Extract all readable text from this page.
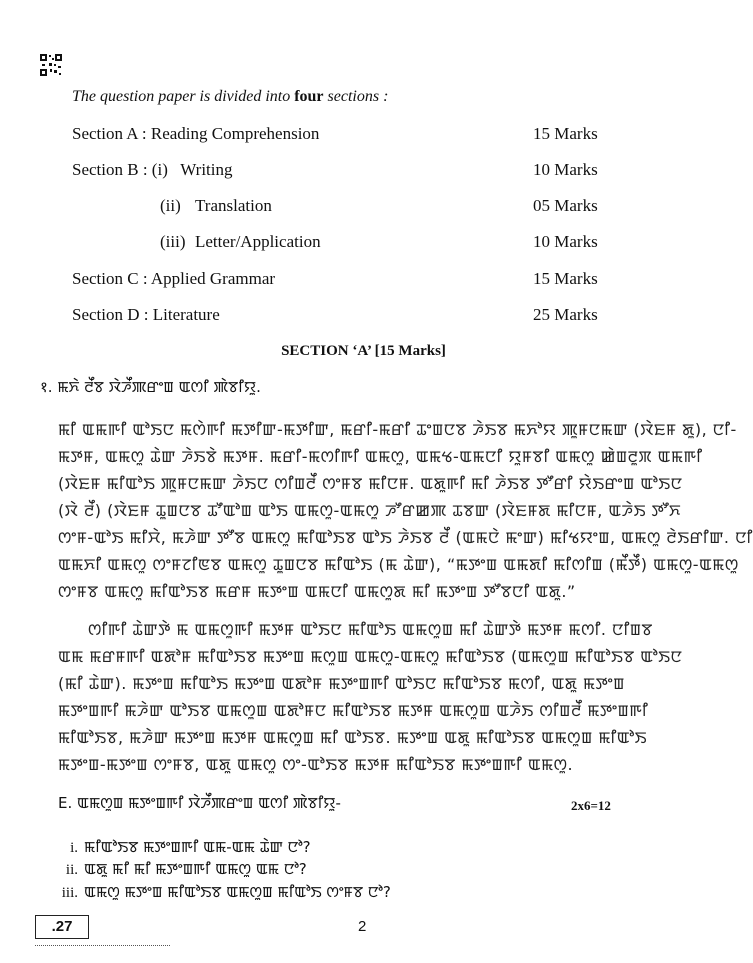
The question paper is divided into four sections :
Section A : Reading Comprehension	15 Marks
Section B : (i)   Writing	10 Marks
(ii) Translation	05 Marks
(iii) Letter/Application	10 Marks
Section C : Applied Grammar	15 Marks
Section D : Literature	25 Marks
SECTION ‘A’ [15 Marks]
१. ꯃꯈꯥ ꯂꯩꯕ ꯋꯥꯍꯩꯄꯔꯦꯡ ꯑꯁꯤ ꯄꯥꯕꯤꯌꯨ.
ꯃꯤ ꯑꯃꯒꯤ ꯑꯣꯏꯅ ꯃꯁꯥꯒꯤ ꯃꯇꯤꯛ-ꯃꯇꯤꯛ, ꯃꯔꯤ-ꯃꯔꯤ ꯊꯦꯡꯅꯕ ꯍꯥꯏꯕ ꯃꯈꯣꯌ ꯄꯨꯝꯅꯃꯛ (ꯋꯥꯐꯝ ꯗꯨ), ꯅꯤ-
ꯃꯇꯝ, ꯑꯃꯁꯨ ꯊꯥꯛ ꯍꯥꯏꯕꯥ ꯃꯇꯝ. ꯃꯔꯤ-ꯃꯁꯤꯒꯤ ꯑꯃꯁꯨ, ꯑꯃꯠ-ꯑꯃꯅꯤ ꯌꯨꯝꯕꯤ ꯑꯃꯁꯨ ꯀꯥꯡꯂꯨꯞ ꯑꯃꯒꯤ
(ꯋꯥꯐꯝ ꯃꯤꯑꯣꯏ ꯄꯨꯝꯅꯃꯛ ꯍꯥꯏꯅ ꯁꯤꯡꯂꯩ ꯁꯦꯝꯕ ꯃꯤꯅꯝ. ꯑꯗꯨꯒꯤ ꯃꯤ ꯍꯥꯏꯕ ꯇꯧꯔꯤ ꯌꯥꯏꯔꯦꯡ ꯑꯣꯏꯅ
(ꯋꯥ ꯂꯩ) (ꯋꯥꯐꯝ ꯊꯨꯡꯅꯕ ꯊꯧꯑꯣꯡ ꯑꯣꯏ ꯑꯃꯁꯨ-ꯑꯃꯁꯨ ꯍꯧꯔꯀꯄ ꯊꯕꯛ (ꯋꯥꯐꯝꯗ ꯃꯤꯅꯝ, ꯑꯍꯥꯏ ꯇꯧꯈ
ꯁꯦꯝ-ꯑꯣꯏ ꯃꯤꯆꯥ, ꯃꯍꯥꯛ ꯇꯧꯕ ꯑꯃꯁꯨ ꯃꯤꯑꯣꯏꯕ ꯑꯣꯏ ꯍꯥꯏꯕ ꯂꯩ (ꯑꯃꯅꯥ ꯃꯦꯛ) ꯃꯤꯠꯌꯦꯡ, ꯑꯃꯁꯨ ꯂꯥꯏꯔꯤꯛ. ꯅꯤ
ꯑꯃꯈꯤ ꯑꯃꯁꯨ ꯁꯦꯝꯖꯤꯟꯕ ꯑꯃꯁꯨ ꯊꯨꯡꯅꯕ ꯃꯤꯑꯣꯏ (ꯃ ꯊꯥꯛ), “ꯃꯇꯦꯡ ꯑꯃꯗꯤ ꯃꯤꯁꯤꯡ (ꯃꯩꯇꯩ) ꯑꯃꯁꯨ-ꯑꯃꯁꯨ
ꯁꯦꯝꯕ ꯑꯃꯁꯨ ꯃꯤꯑꯣꯏꯕ ꯃꯔꯝ ꯃꯇꯦꯡ ꯑꯃꯅꯤ ꯑꯃꯁꯨꯗ ꯃꯤ ꯃꯇꯦꯡ ꯇꯧꯕꯅꯤ ꯑꯗꯨ.”
ꯁꯤꯒꯤ ꯊꯥꯛꯇꯥ ꯃ ꯑꯃꯁꯨꯒꯤ ꯃꯇꯝ ꯑꯣꯏꯅ ꯃꯤꯑꯣꯏ ꯑꯃꯁꯨꯡ ꯃꯤ ꯊꯥꯛꯇꯥ ꯃꯇꯝ ꯃꯁꯤ. ꯅꯤꯡꯕ
ꯑꯃ ꯃꯔꯝꯒꯤ ꯑꯗꯣꯝ ꯃꯤꯑꯣꯏꯕ ꯃꯇꯦꯡ ꯃꯁꯨꯡ ꯑꯃꯁꯨ-ꯑꯃꯁꯨ ꯃꯤꯑꯣꯏꯕ (ꯑꯃꯁꯨꯡ ꯃꯤꯑꯣꯏꯕ ꯑꯣꯏꯅ
(ꯃꯤ ꯊꯥꯛ). ꯃꯇꯦꯡ ꯃꯤꯑꯣꯏ ꯃꯇꯦꯡ ꯑꯗꯣꯝ ꯃꯇꯦꯡꯒꯤ ꯑꯣꯏꯅ ꯃꯤꯑꯣꯏꯕ ꯃꯁꯤ, ꯑꯗꯨ ꯃꯇꯦꯡ
ꯃꯇꯦꯡꯒꯤ ꯃꯍꯥꯛ ꯑꯣꯏꯕ ꯑꯃꯁꯨꯡ ꯑꯗꯣꯝꯅ ꯃꯤꯑꯣꯏꯕ ꯃꯇꯝ ꯑꯃꯁꯨꯡ ꯑꯍꯥꯏ ꯁꯤꯡꯂꯩ ꯃꯇꯦꯡꯒꯤ
ꯃꯤꯑꯣꯏꯕ, ꯃꯍꯥꯛ ꯃꯇꯦꯡ ꯃꯇꯝ ꯑꯃꯁꯨꯡ ꯃꯤ ꯑꯣꯏꯕ. ꯃꯇꯦꯡ ꯑꯗꯨ ꯃꯤꯑꯣꯏꯕ ꯑꯃꯁꯨꯡ ꯃꯤꯑꯣꯏ
ꯃꯇꯦꯡ-ꯃꯇꯦꯡ ꯁꯦꯝꯕ, ꯑꯗꯨ ꯑꯃꯁꯨ ꯁꯦ-ꯑꯣꯏꯕ ꯃꯇꯝ ꯃꯤꯑꯣꯏꯕ ꯃꯇꯦꯡꯒꯤ ꯑꯃꯁꯨ.
E. ꯑꯃꯁꯨꯡ ꯃꯇꯦꯡꯒꯤ ꯋꯥꯍꯩꯄꯔꯦꯡ ꯑꯁꯤ ꯄꯥꯕꯤꯌꯨ-	2x6=12
i. ꯃꯤꯑꯣꯏꯕ ꯃꯇꯦꯡꯒꯤ ꯑꯃ-ꯑꯃ ꯊꯥꯛ ꯅꯣ?
ii. ꯑꯗꯨ ꯃꯤ ꯃꯤ ꯃꯇꯦꯡꯒꯤ ꯑꯃꯁꯨ ꯑꯃ ꯅꯣ?
iii. ꯑꯃꯁꯨ ꯃꯇꯦꯡ ꯃꯤꯑꯣꯏꯕ ꯑꯃꯁꯨꯡ ꯃꯤꯑꯣꯏ ꯁꯦꯝꯕ ꯅꯣ?
.27	2
